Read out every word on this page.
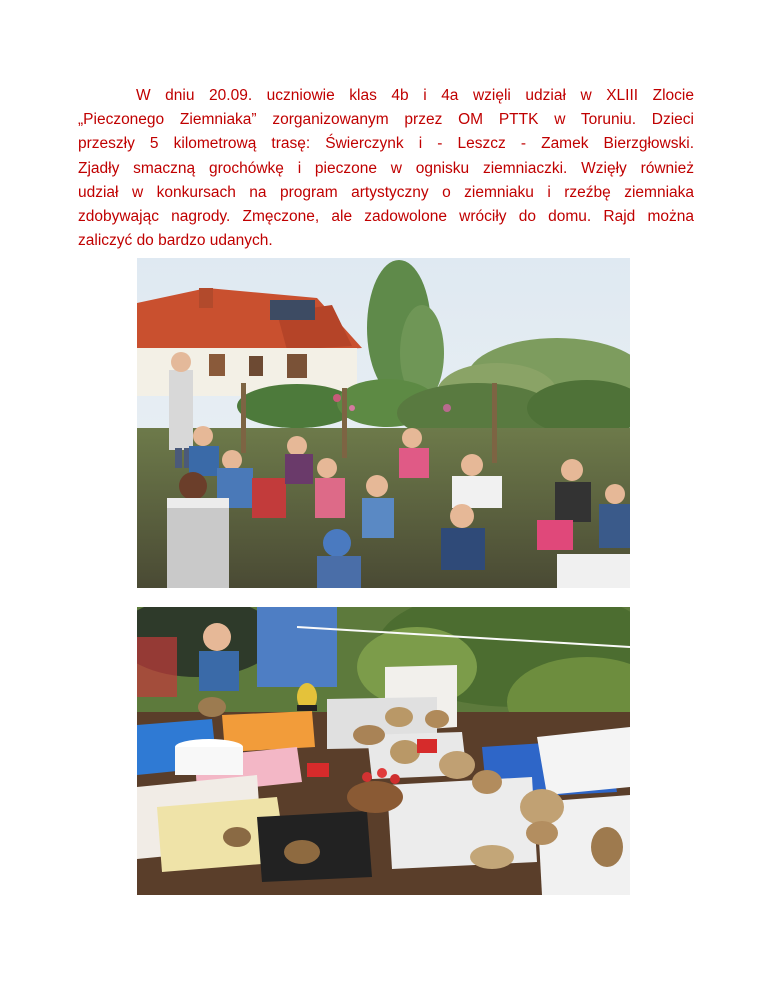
W dniu 20.09. uczniowie klas 4b i 4a wzięli udział w XLIII Zlocie
„Pieczonego Ziemniaka” zorganizowanym przez OM PTTK w Toruniu. Dzieci
przeszły 5 kilometrową trasę: Świerczynk i - Leszcz - Zamek Bierzgłowski.
Zjadły smaczną grochówkę i pieczone w ognisku ziemniaczki. Wzięły również
udział w konkursach na program artystyczny o ziemniaku i rzeźbę ziemniaka
zdobywając nagrody. Zmęczone, ale zadowolone wróciły do domu. Rajd można
zaliczyć do bardzo udanych.
